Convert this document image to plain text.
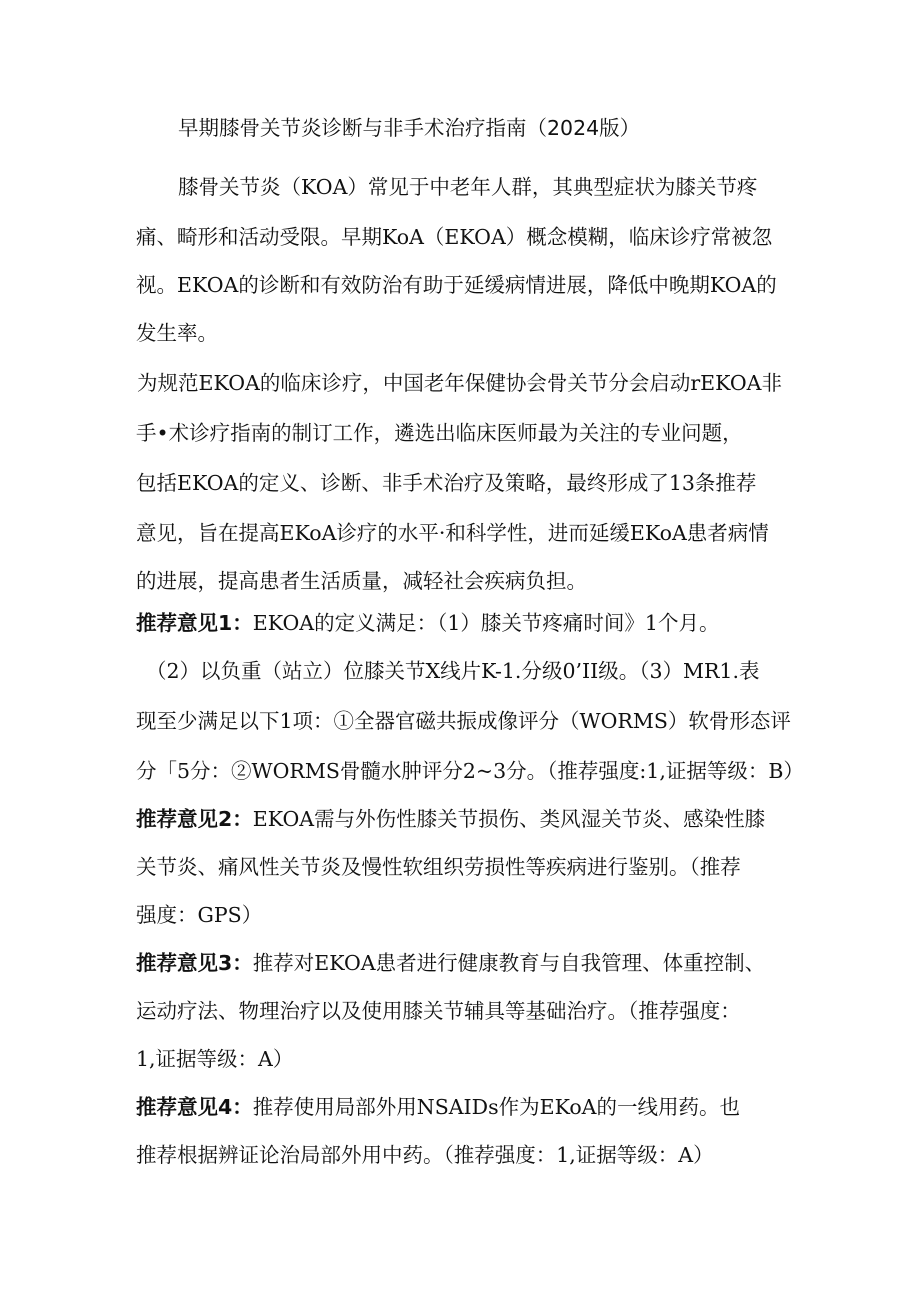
早期膝骨关节炎诊断与非手术治疗指南（2024版）
膝骨关节炎（KOA）常见于中老年人群，其典型症状为膝关节疼
痛、畸形和活动受限。早期KoA（EKOA）概念模糊，临床诊疗常被忽
视。EKOA的诊断和有效防治有助于延缓病情进展，降低中晚期KOA的
发生率。
为规范EKOA的临床诊疗，中国老年保健协会骨关节分会启动rEKOA非
手•术诊疗指南的制订工作，遴选出临床医师最为关注的专业问题，
包括EKOA的定义、诊断、非手术治疗及策略，最终形成了13条推荐
意见，旨在提高EKoA诊疗的水平·和科学性，进而延缓EKoA患者病情
的进展，提高患者生活质量，减轻社会疾病负担。
推荐意见1：EKOA的定义满足：（1）膝关节疼痛时间》1个月。
（2）以负重（站立）位膝关节X线片K-1.分级0’II级。（3）MR1.表
现至少满足以下1项：①全器官磁共振成像评分（WORMS）软骨形态评
分「5分：②WORMS骨髓水肿评分2~3分。（推荐强度:1,证据等级：B）
推荐意见2：EKOA需与外伤性膝关节损伤、类风湿关节炎、感染性膝
关节炎、痛风性关节炎及慢性软组织劳损性等疾病进行鉴别。（推荐
强度：GPS）
推荐意见3：推荐对EKOA患者进行健康教育与自我管理、体重控制、
运动疗法、物理治疗以及使用膝关节辅具等基础治疗。（推荐强度：
1,证据等级：A）
推荐意见4：推荐使用局部外用NSAIDs作为EKoA的一线用药。也
推荐根据辨证论治局部外用中药。（推荐强度：1,证据等级：A）
